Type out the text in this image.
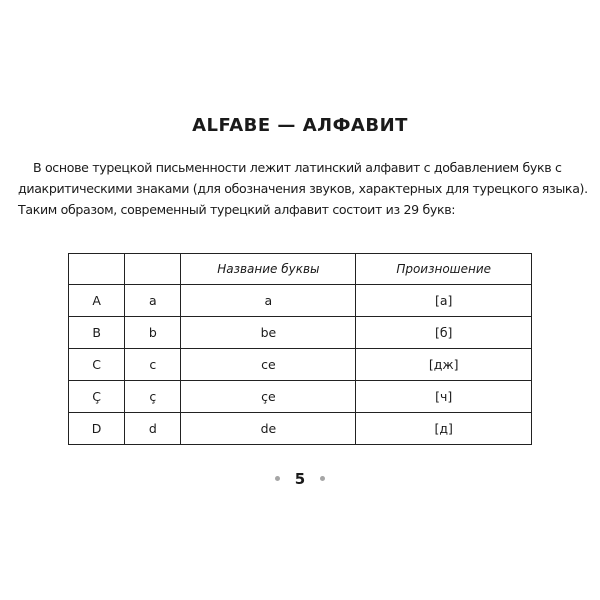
ALFABE — АЛФАВИТ
В основе турецкой письменности лежит латинский алфавит с добавлением букв с
диакритическими знаками (для обозначения звуков, характерных для турецкого языка).
Таким образом, современный турецкий алфавит состоит из 29 букв:
		Название буквы	Произношение
A	a	a	[а]
B	b	be	[б]
C	c	ce	[дж]
Ç	ç	çe	[ч]
D	d	de	[д]
5
